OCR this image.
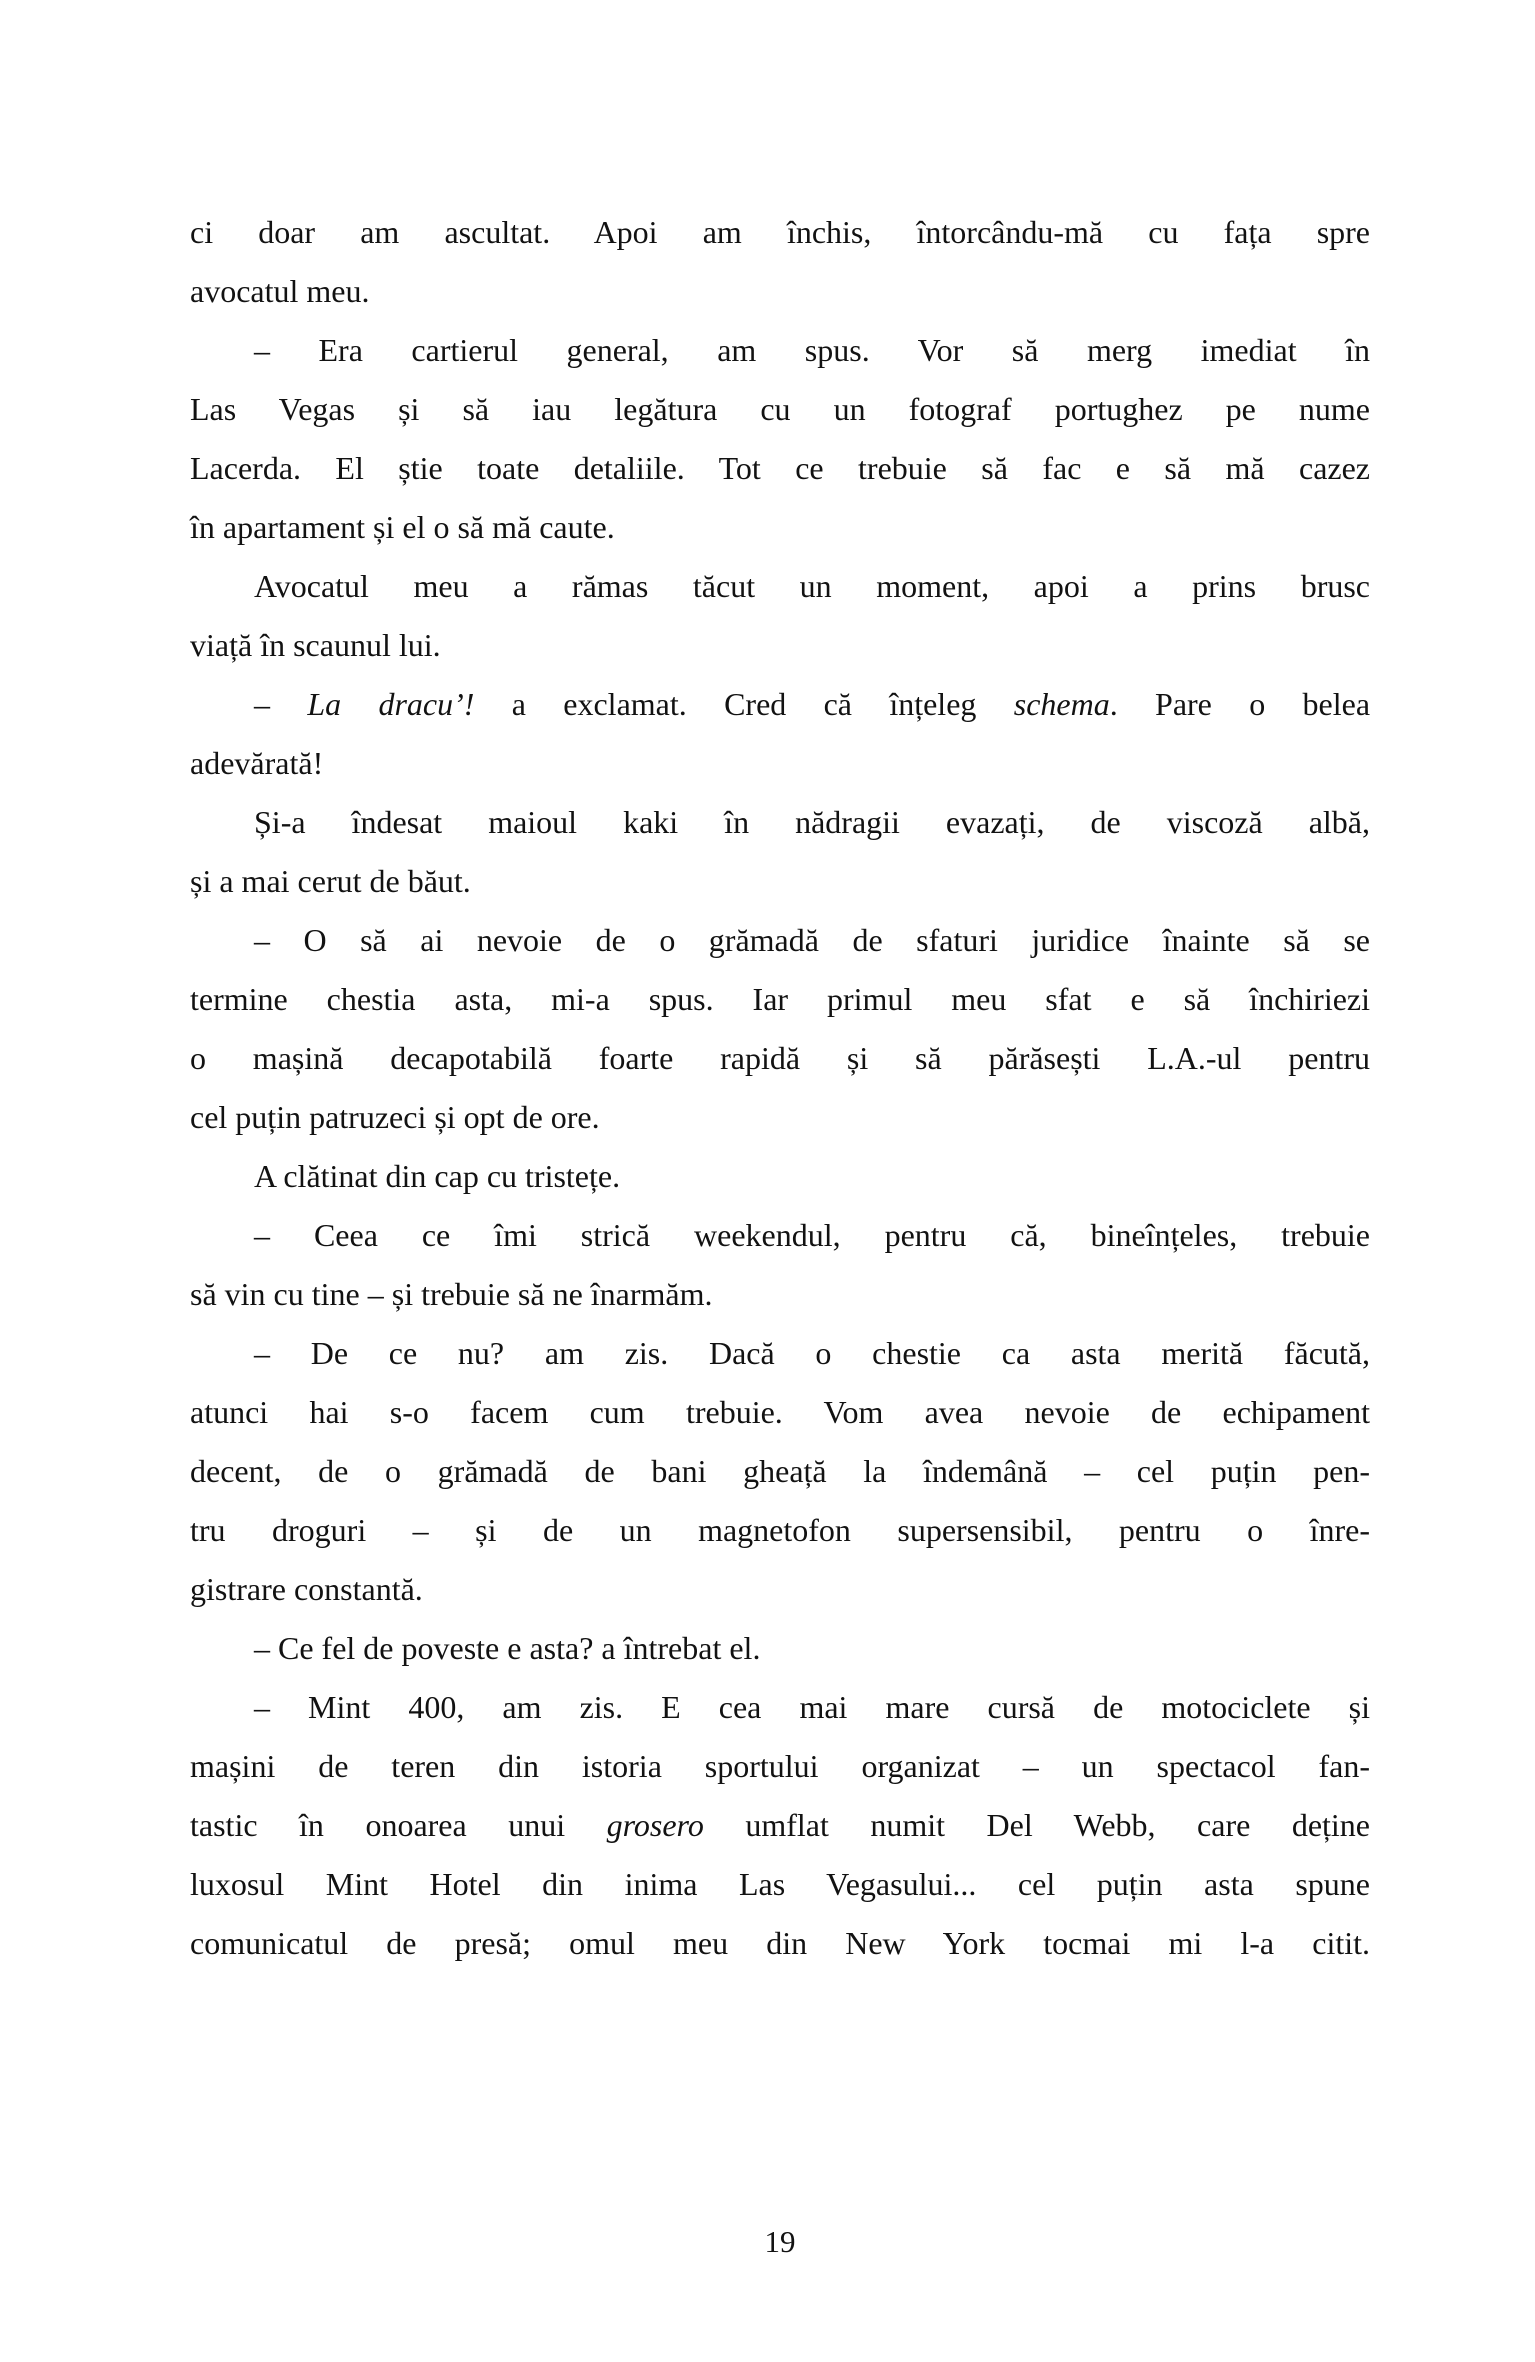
ci doar am ascultat. Apoi am închis, întorcându-mă cu fața spre
avocatul meu.
– Era cartierul general, am spus. Vor să merg imediat în
Las Vegas și să iau legătura cu un fotograf portughez pe nume
Lacerda. El știe toate detaliile. Tot ce trebuie să fac e să mă cazez
în apartament și el o să mă caute.
Avocatul meu a rămas tăcut un moment, apoi a prins brusc
viață în scaunul lui.
– La dracu’! a exclamat. Cred că înțeleg schema. Pare o belea
adevărată!
Și-a îndesat maioul kaki în nădragii evazați, de viscoză albă,
și a mai cerut de băut.
– O să ai nevoie de o grămadă de sfaturi juridice înainte să se
termine chestia asta, mi-a spus. Iar primul meu sfat e să închiriezi
o mașină decapotabilă foarte rapidă și să părăsești L.A.-ul pentru
cel puțin patruzeci și opt de ore.
A clătinat din cap cu tristețe.
– Ceea ce îmi strică weekendul, pentru că, bineînțeles, trebuie
să vin cu tine – și trebuie să ne înarmăm.
– De ce nu? am zis. Dacă o chestie ca asta merită făcută,
atunci hai s-o facem cum trebuie. Vom avea nevoie de echipament
decent, de o grămadă de bani gheață la îndemână – cel puțin pen-
tru droguri – și de un magnetofon supersensibil, pentru o înre-
gistrare constantă.
– Ce fel de poveste e asta? a întrebat el.
– Mint 400, am zis. E cea mai mare cursă de motociclete și
mașini de teren din istoria sportului organizat – un spectacol fan-
tastic în onoarea unui grosero umflat numit Del Webb, care deține
luxosul Mint Hotel din inima Las Vegasului... cel puțin asta spune
comunicatul de presă; omul meu din New York tocmai mi l-a citit.
19
